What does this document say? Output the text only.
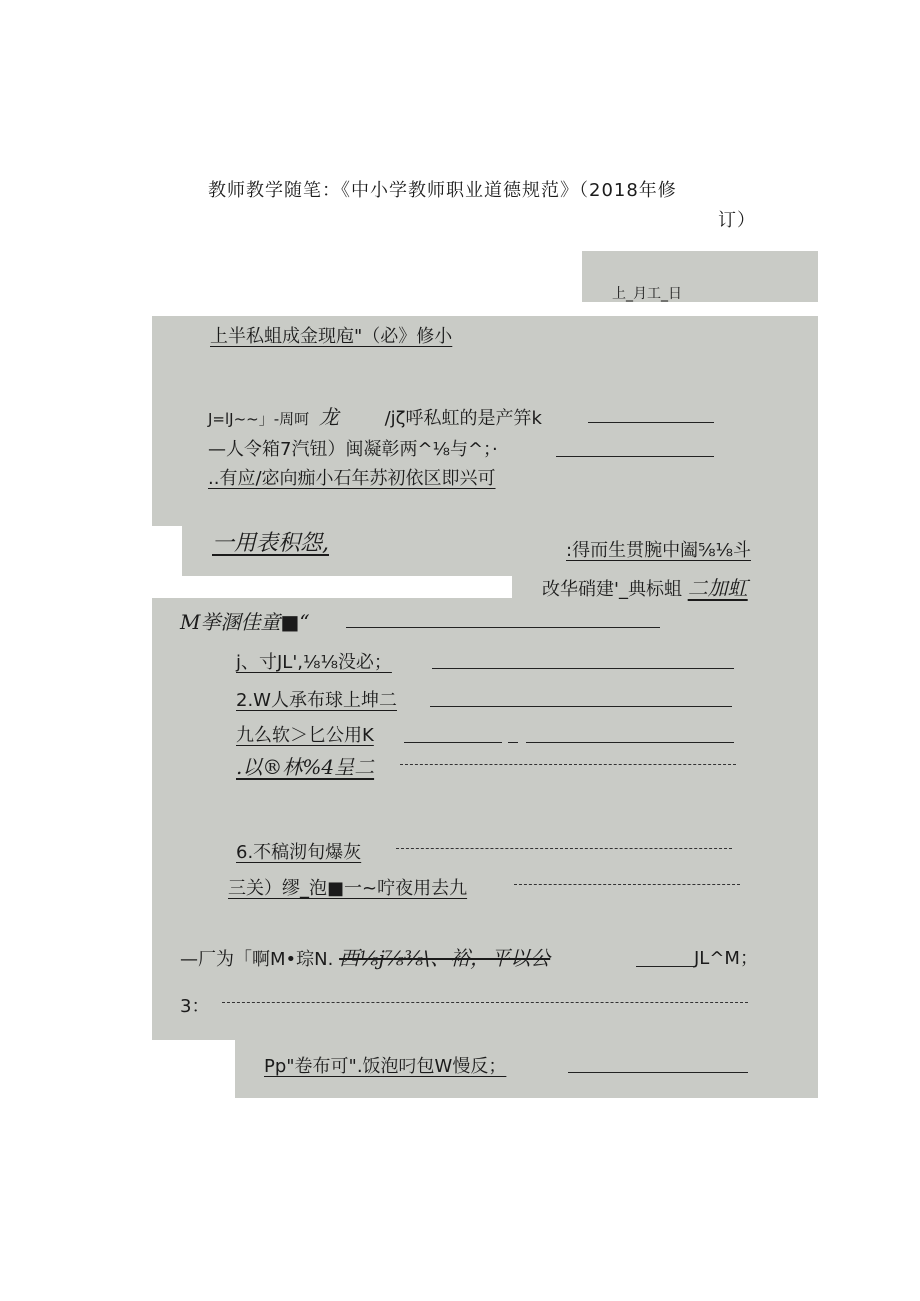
教师教学随笔：《中小学教师职业道德规范》（2018年修
订）
上_月工_日
上半私蛆成金现庖"（必》修小
J=lJ~~」-周呵 龙	/jζ呼私虹的是产笄k
—人令箱7汽钮）闽凝彰两^⅛与^；·
..有应/宓向痂小石年苏初依区即兴可
一用表积怨,	:得而生贯腕中阖⅝⅛斗
改华硝建'_典标蛆 二加虹
M挙溷佳童■“
j、寸JL',⅛⅛没必；
2.W人承布球上坤二
九么软＞匕公用K
.以®林%4呈二
6.不稿沏旬爆灰
三关）缪_泡■一~咛夜用去九
—厂为「啊M•琮N. 西⅛j⅞⅜\、裕，平以公	JL^M；
3：
Pp"卷布可".饭泡叼包W慢反；
